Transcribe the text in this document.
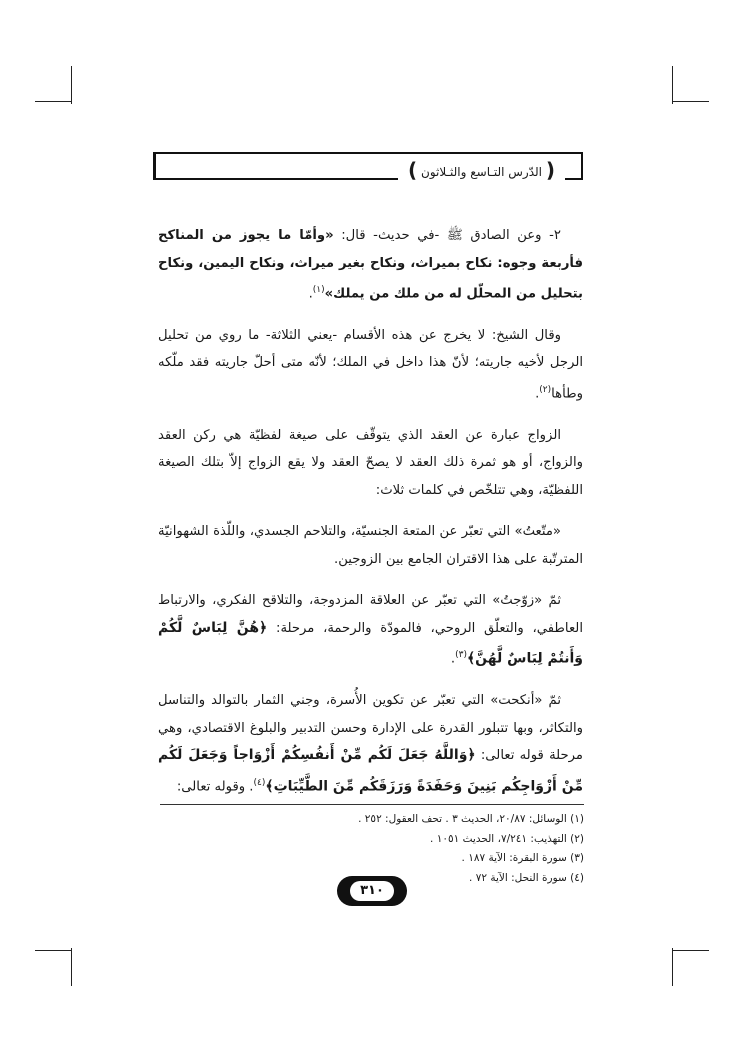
( الدّرس التـاسع والثـلاثون )

٢- وعن الصادق ﷺ -في حديث- قال: «وأمّا ما يجوز من المناكح فأربعة وجوه: نكاح بميراث، ونكاح بغير ميراث، ونكاح اليمين، ونكاح بتحليل من المحلّل له من ملك من يملك»$^{(١)}$.

وقال الشيخ: لا يخرج عن هذه الأقسام -يعني الثلاثة- ما روي من تحليل الرجل لأخيه جاريته؛ لأنّ هذا داخل في الملك؛ لأنّه متى أحلّ جاريته فقد ملّكه وطأها$^{(٢)}$.

الزواج عبارة عن العقد الذي يتوقّف على صيغة لفظيّة هي ركن العقد والزواج، أو هو ثمرة ذلك العقد لا يصحّ العقد ولا يقع الزواج إلاّ بتلك الصيغة اللفظيّة، وهي تتلخّص في كلمات ثلاث:

«متّعتُ» التي تعبّر عن المتعة الجنسيّة، والتلاحم الجسدي، واللّذة الشهوانيّة المترتّبة على هذا الاقتران الجامع بين الزوجين.

ثمّ «زوّجتُ» التي تعبّر عن العلاقة المزدوجة، والتلاقح الفكري، والارتباط العاطفي، والتعلّق الروحي، فالمودّة والرحمة، مرحلة: ﴿هُنَّ لِبَاسٌ لَّكُمْ وَأَنتُمْ لِبَاسٌ لَّهُنَّ﴾$^{(٣)}$.

ثمّ «أنكحت» التي تعبّر عن تكوين الأُسرة، وجني الثمار بالتوالد والتناسل والتكاثر، وبها تتبلور القدرة على الإدارة وحسن التدبير والبلوغ الاقتصادي، وهي مرحلة قوله تعالى: ﴿وَاللَّهُ جَعَلَ لَكُم مِّنْ أَنفُسِكُمْ أَزْوَاجاً وَجَعَلَ لَكُم مِّنْ أَزْوَاجِكُم بَنِينَ وَحَفَدَةً وَرَزَقَكُم مِّنَ الطَّيِّبَاتِ﴾$^{(٤)}$. وقوله تعالى:

(١) الوسائل: ٢٠/٨٧، الحديث ٣ . تحف العقول: ٢٥٢ .
(٢) التهذيب: ٧/٢٤١، الحديث ١٠٥١ .
(٣) سورة البقرة: الآية ١٨٧ .
(٤) سورة النحل: الآية ٧٢ .
٣١٠
